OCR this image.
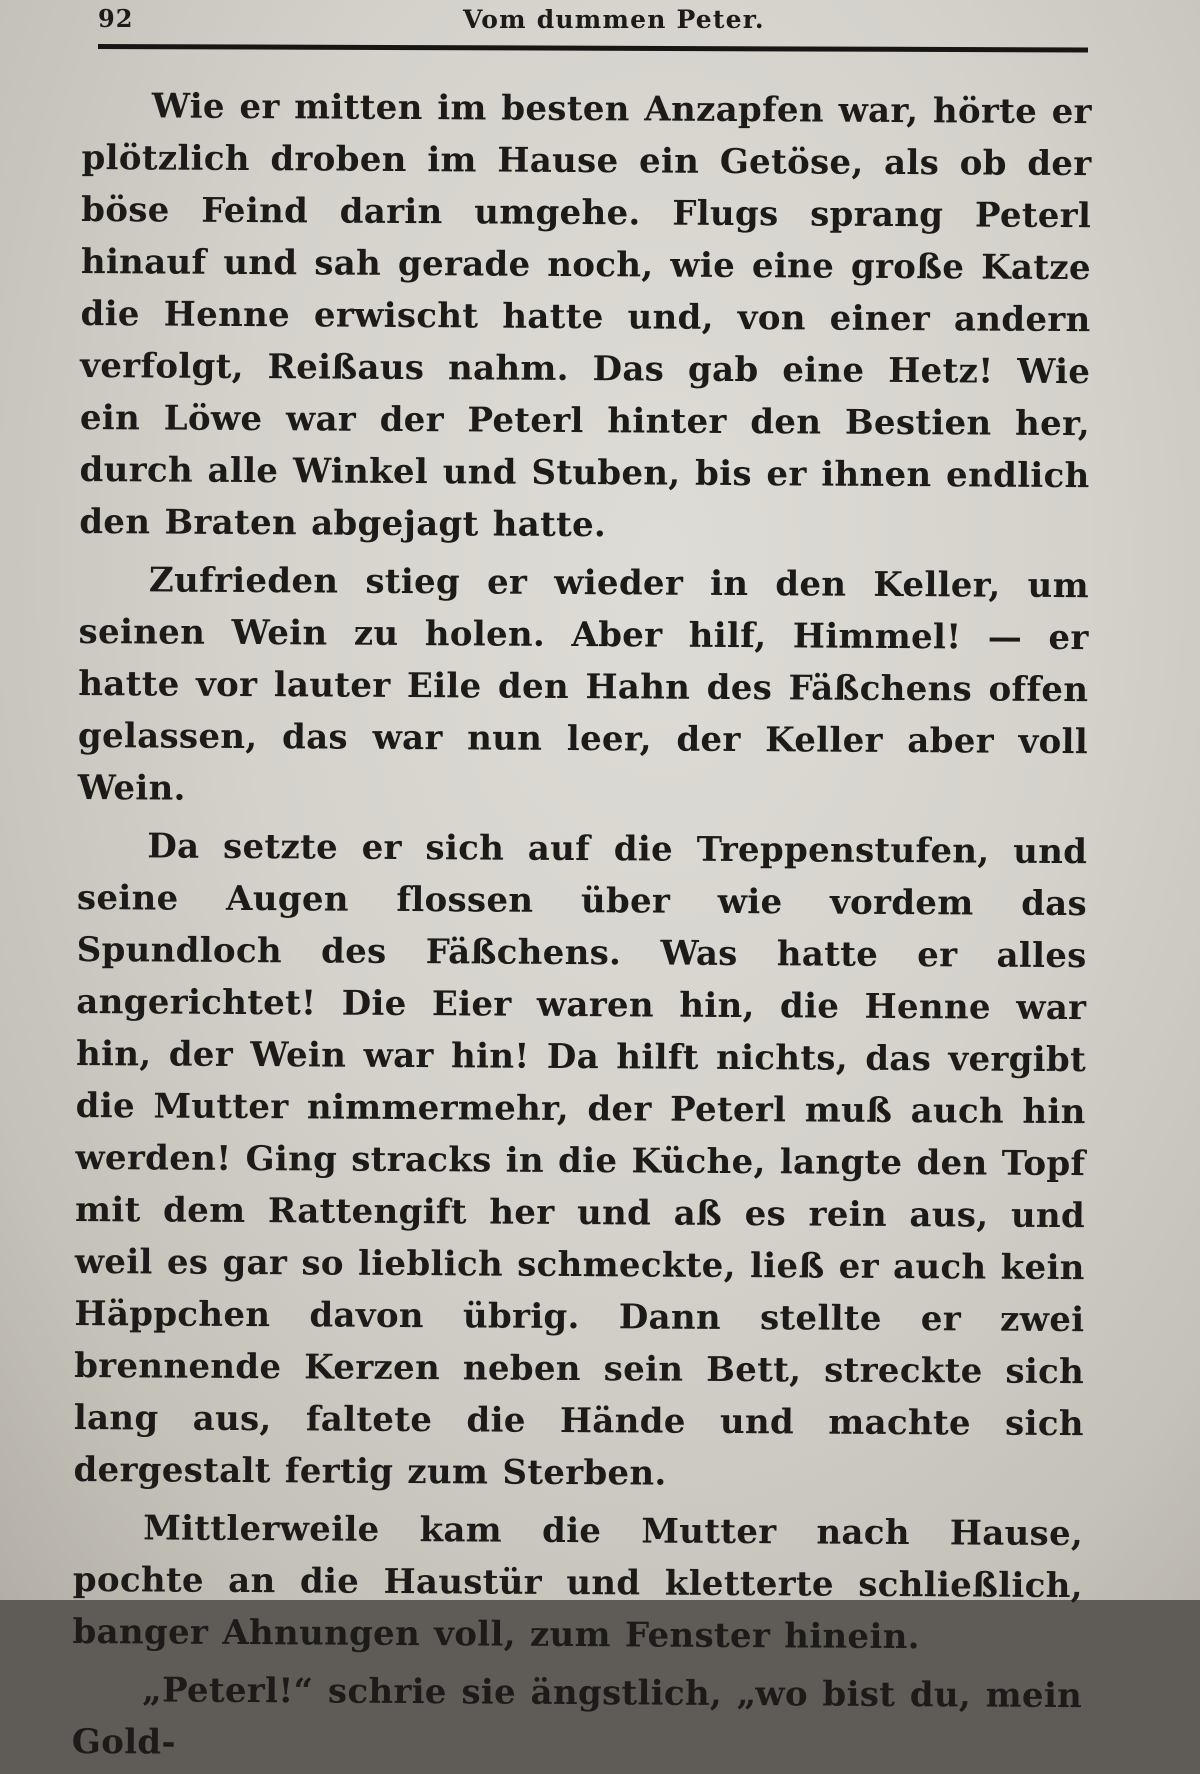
92	Vom dummen Peter.

Wie er mitten im besten Anzapfen war, hörte er plötzlich droben im Hause ein Getöse, als ob der böse Feind darin umgehe. Flugs sprang Peterl hinauf und sah gerade noch, wie eine große Katze die Henne erwischt hatte und, von einer andern verfolgt, Reißaus nahm. Das gab eine Hetz! Wie ein Löwe war der Peterl hinter den Bestien her, durch alle Winkel und Stuben, bis er ihnen endlich den Braten abgejagt hatte.

Zufrieden stieg er wieder in den Keller, um seinen Wein zu holen. Aber hilf, Himmel! — er hatte vor lauter Eile den Hahn des Fäßchens offen gelassen, das war nun leer, der Keller aber voll Wein.

Da setzte er sich auf die Treppenstufen, und seine Augen flossen über wie vordem das Spundloch des Fäßchens. Was hatte er alles angerichtet! Die Eier waren hin, die Henne war hin, der Wein war hin! Da hilft nichts, das vergibt die Mutter nimmermehr, der Peterl muß auch hin werden! Ging stracks in die Küche, langte den Topf mit dem Rattengift her und aß es rein aus, und weil es gar so lieblich schmeckte, ließ er auch kein Häppchen davon übrig. Dann stellte er zwei brennende Kerzen neben sein Bett, streckte sich lang aus, faltete die Hände und machte sich dergestalt fertig zum Sterben.

Mittlerweile kam die Mutter nach Hause, pochte an die Haustür und kletterte schließlich, banger Ahnungen voll, zum Fenster hinein.

„Peterl!“ schrie sie ängstlich, „wo bist du, mein Gold-
